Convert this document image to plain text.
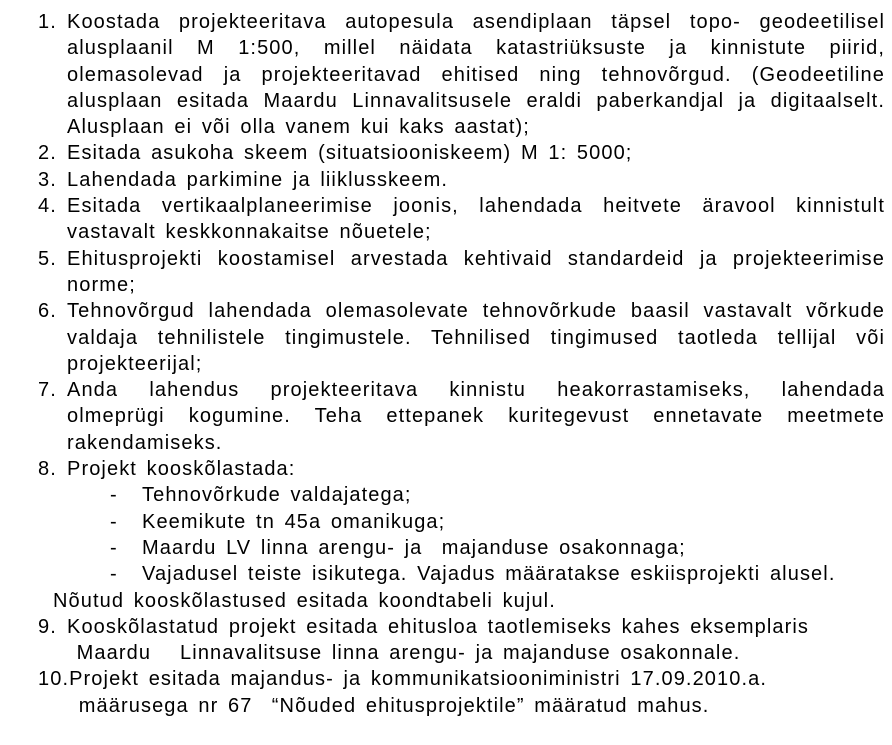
1. Koostada projekteeritava autopesula asendiplaan täpsel topo- geodeetilisel
alusplaanil M 1:500, millel näidata katastriüksuste ja kinnistute piirid,
olemasolevad ja projekteeritavad ehitised ning tehnovõrgud. (Geodeetiline
alusplaan esitada Maardu Linnavalitsusele eraldi paberkandjal ja digitaalselt.
Alusplaan ei või olla vanem kui kaks aastat);
2. Esitada asukoha skeem (situatsiooniskeem) M 1: 5000;
3. Lahendada parkimine ja liiklusskeem.
4. Esitada vertikaalplaneerimise joonis, lahendada heitvete äravool kinnistult
vastavalt keskkonnakaitse nõuetele;
5. Ehitusprojekti koostamisel arvestada kehtivaid standardeid ja projekteerimise
norme;
6. Tehnovõrgud lahendada olemasolevate tehnovõrkude baasil vastavalt võrkude
valdaja tehnilistele tingimustele. Tehnilised tingimused taotleda tellijal või
projekteerijal;
7. Anda lahendus projekteeritava kinnistu heakorrastamiseks, lahendada
olmeprügi kogumine. Teha ettepanek kuritegevust ennetavate meetmete
rakendamiseks.
8. Projekt kooskõlastada:
-	Tehnovõrkude valdajatega;
-	Keemikute tn 45a omanikuga;
-	Maardu LV linna arengu- ja  majanduse osakonnaga;
-	Vajadusel teiste isikutega. Vajadus määratakse eskiisprojekti alusel.
Nõutud kooskõlastused esitada koondtabeli kujul.
9. Kooskõlastatud projekt esitada ehitusloa taotlemiseks kahes eksemplaris
Maardu   Linnavalitsuse linna arengu- ja majanduse osakonnale.
10. Projekt esitada majandus- ja kommunikatsiooniministri 17.09.2010.a.
määrusega nr 67  “Nõuded ehitusprojektile” määratud mahus.
